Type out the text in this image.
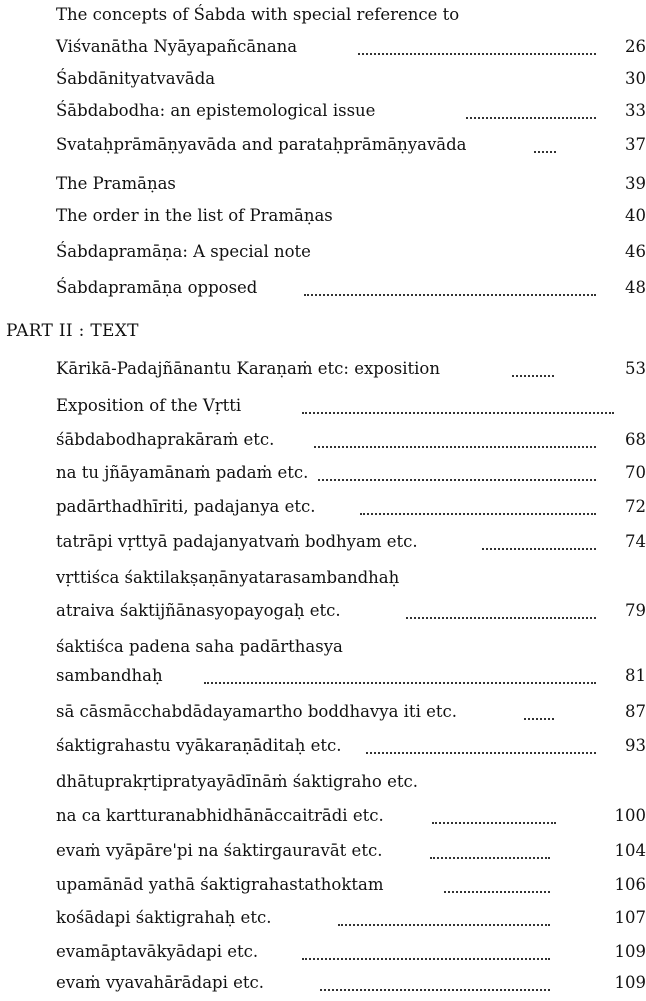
The concepts of Śabda with special reference to
Viśvanātha Nyāyapañcānana	26
Śabdānityatvavāda	30
Śābdabodha: an epistemological issue	33
Svataḥprāmāṇyavāda and parataḥprāmāṇyavāda	37
The Pramāṇas	39
The order in the list of Pramāṇas	40
Śabdapramāṇa: A special note	46
Śabdapramāṇa opposed	48
PART II : TEXT
Kārikā-Padajñānantu Karaṇaṁ etc: exposition	53
Exposition of the Vṛtti
śābdabodhaprakāraṁ etc.	68
na tu jñāyamānaṁ padaṁ etc.	70
padārthadhīriti, padajanya etc.	72
tatrāpi vṛttyā padajanyatvaṁ bodhyam etc.	74
vṛttiśca śaktilakṣaṇānyatarasambandhaḥ
atraiva śaktijñānasyopayogaḥ etc.	79
śaktiśca padena saha padārthasya
sambandhaḥ	81
sā cāsmācchabdādayamartho boddhavya iti etc.	87
śaktigrahastu vyākaraṇāditaḥ etc.	93
dhātuprakṛtipratyayādīnāṁ śaktigraho etc.
na ca kartturanabhidhānāccaitrādi etc.	100
evaṁ vyāpāre'pi na śaktirgauravāt etc.	104
upamānād yathā śaktigrahastathoktam	106
kośādapi śaktigrahaḥ etc.	107
evamāptavākyādapi etc.	109
evaṁ vyavahārādapi etc.	109
